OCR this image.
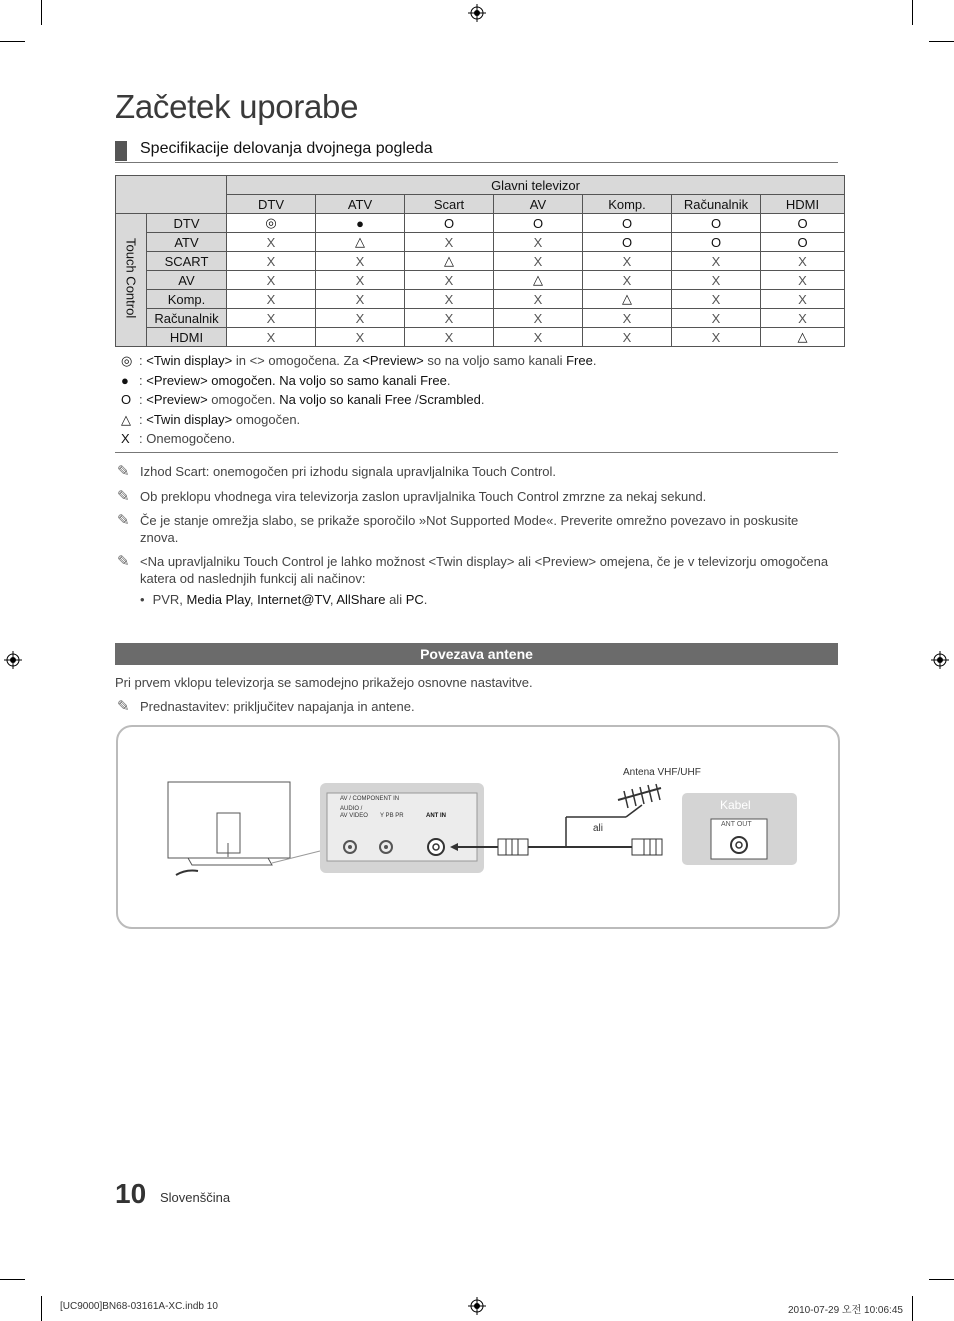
Začetek uporabe
Specifikacije delovanja dvojnega pogleda
		Glavni televizor						
		DTV	ATV	Scart	AV	Komp.	Računalnik	HDMI
Touch Control	DTV	◎	●	O	O	O	O	O
	ATV	X	△	X	X	O	O	O
	SCART	X	X	△	X	X	X	X
	AV	X	X	X	△	X	X	X
	Komp.	X	X	X	X	△	X	X
	Računalnik	X	X	X	X	X	X	X
	HDMI	X	X	X	X	X	X	△
◎ : <Twin display> in <> omogočena. Za <Preview> so na voljo samo kanali Free.
● : <Preview> omogočen. Na voljo so samo kanali Free.
O : <Preview> omogočen. Na voljo so kanali Free /Scrambled.
△ : <Twin display> omogočen.
X : Onemogočeno.
✎ Izhod Scart: onemogočen pri izhodu signala upravljalnika Touch Control.
✎ Ob preklopu vhodnega vira televizorja zaslon upravljalnika Touch Control zmrzne za nekaj sekund.
✎ Če je stanje omrežja slabo, se prikaže sporočilo »Not Supported Mode«. Preverite omrežno povezavo in poskusite znova.
✎ <Na upravljalniku Touch Control je lahko možnost <Twin display> ali <Preview> omejena, če je v televizorju omogočena katera od naslednjih funkcij ali načinov:
• PVR, Media Play, Internet@TV, AllShare ali PC.
Povezava antene
Pri prvem vklopu televizorja se samodejno prikažejo osnovne nastavitve.
✎ Prednastavitev: priključitev napajanja in antene.
Antena VHF/UHF
ali
Kabel
ANT OUT
AV / COMPONENT IN
AUDIO /
AV VIDEO Y PB PR	ANT IN
10 Slovenščina
[UC9000]BN68-03161A-XC.indb 10	2010-07-29 오전 10:06:45
